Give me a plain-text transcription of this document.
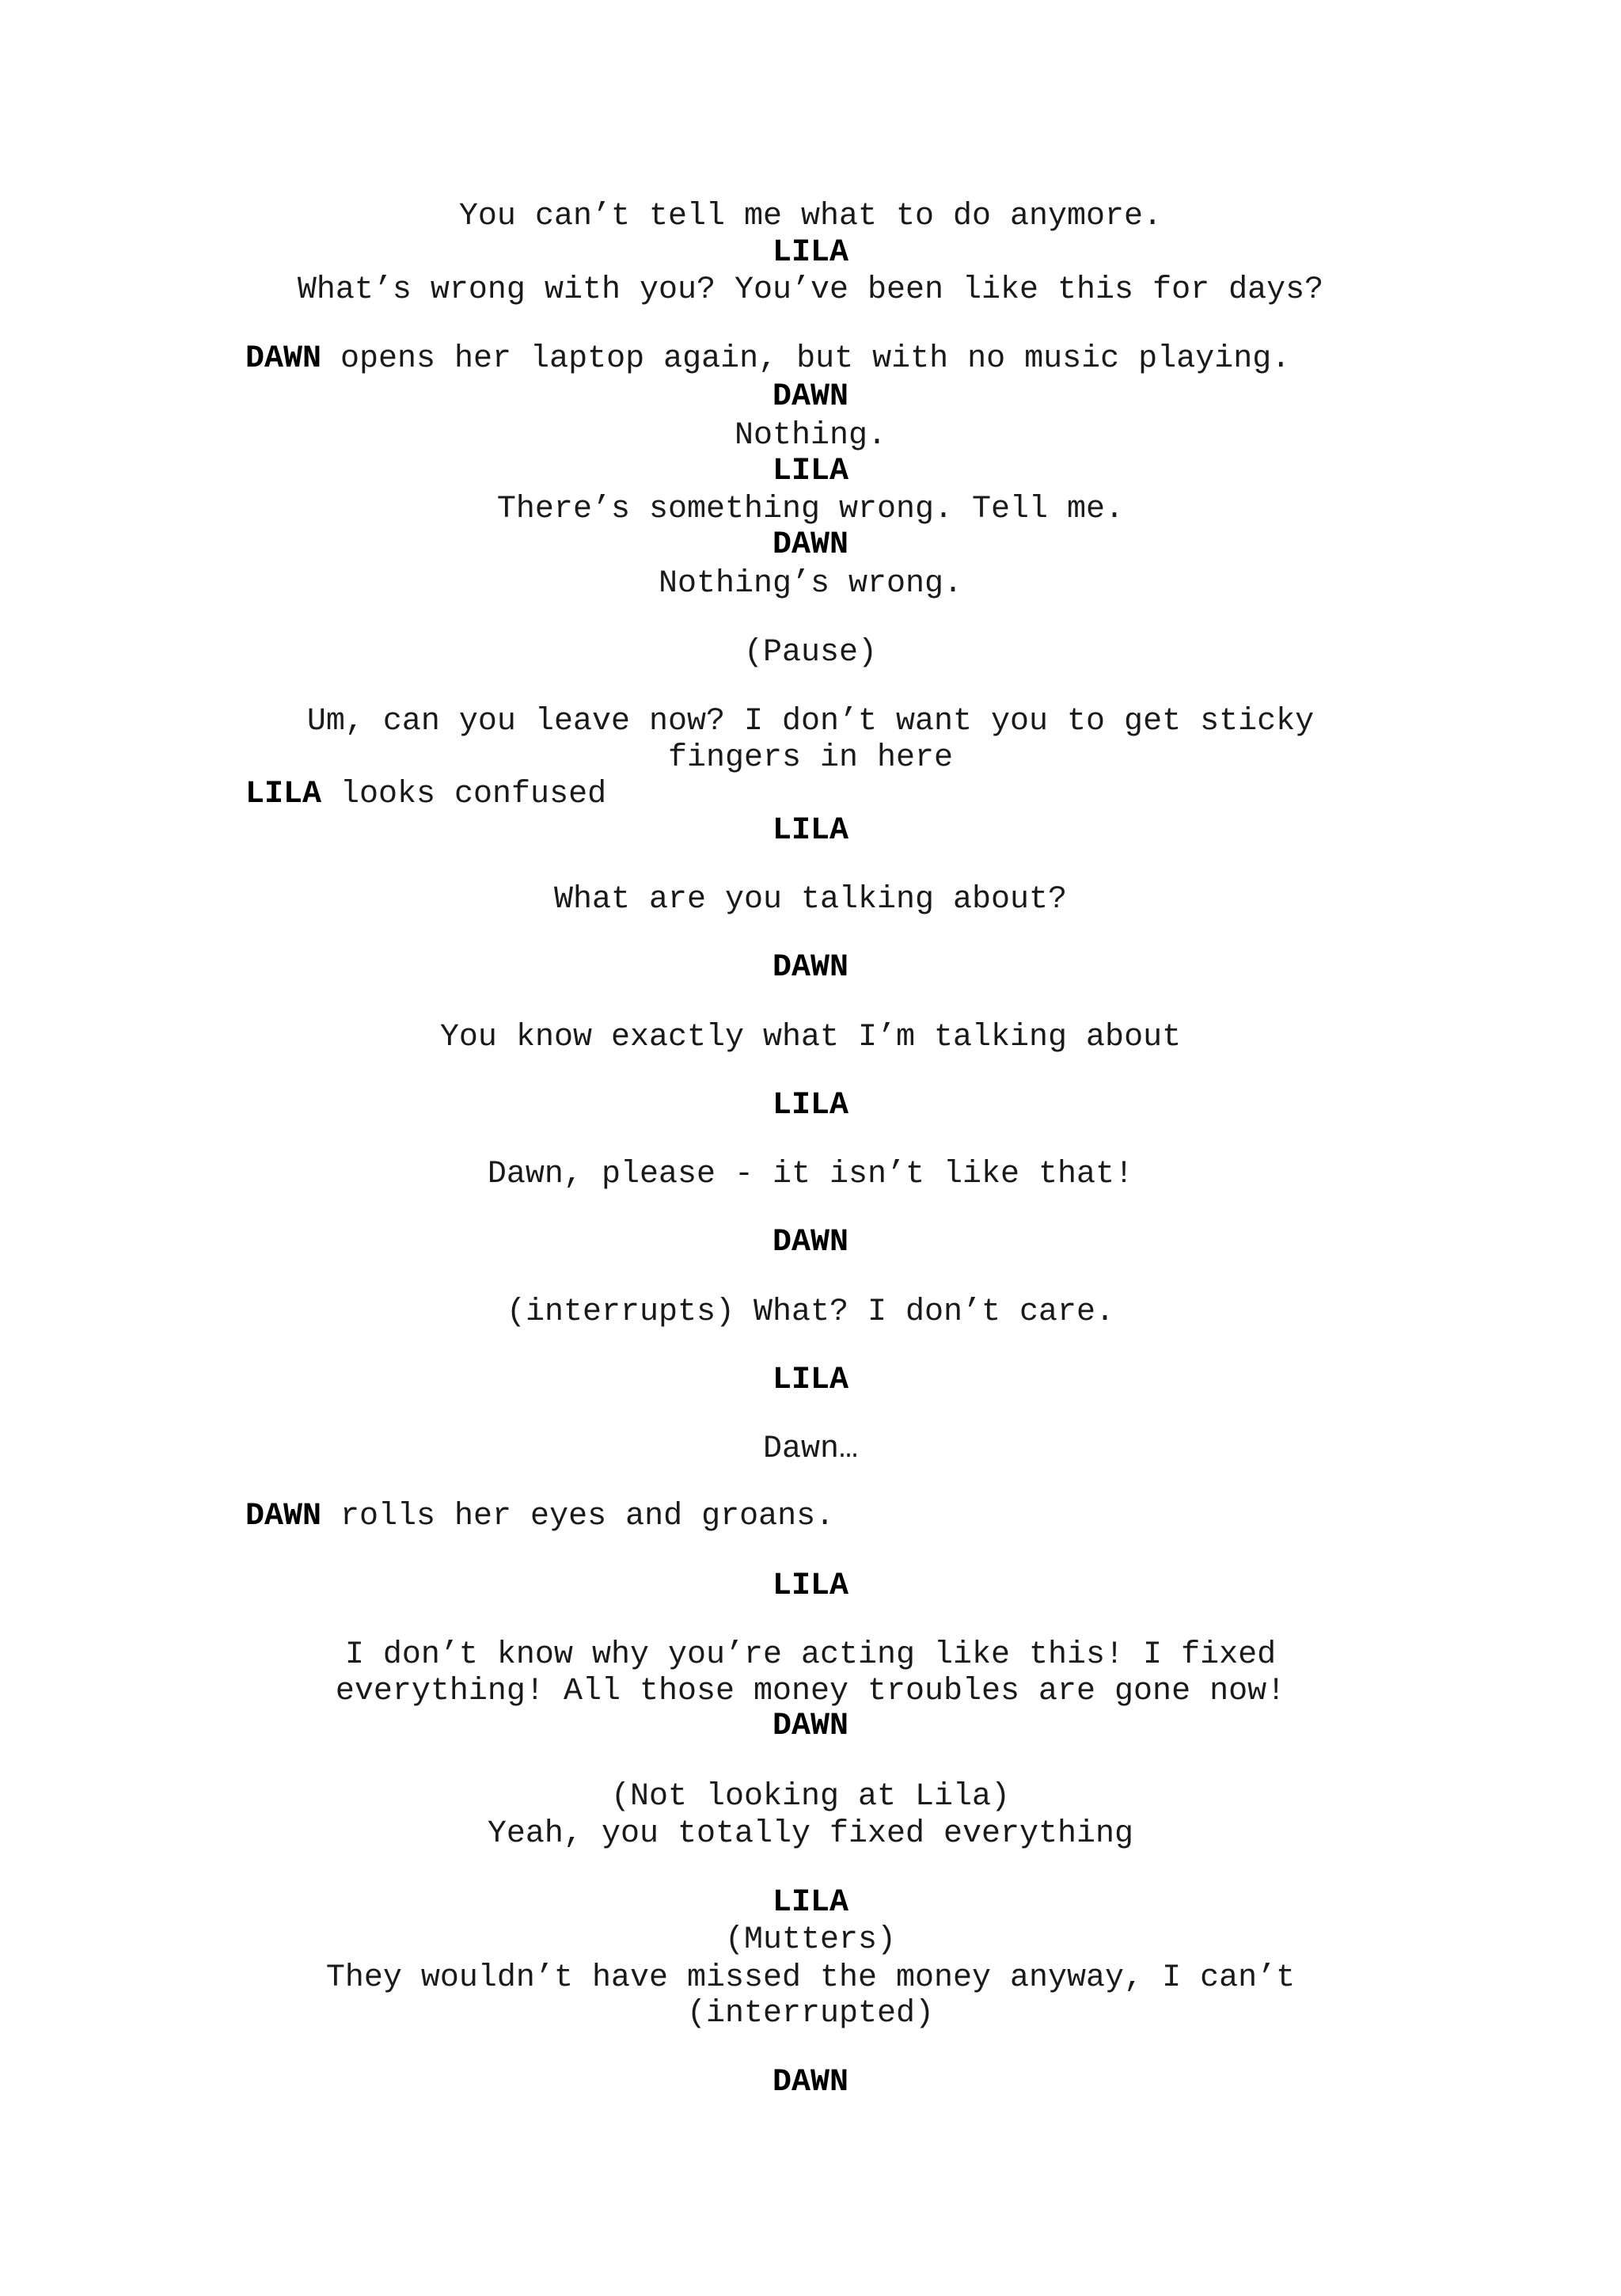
You can’t tell me what to do anymore.

LILA

What’s wrong with you? You’ve been like this for days?

DAWN opens her laptop again, but with no music playing.

DAWN

Nothing.

LILA

There’s something wrong. Tell me.

DAWN

Nothing’s wrong.

(Pause)

Um, can you leave now? I don’t want you to get sticky

fingers in here

LILA looks confused

LILA

What are you talking about?

DAWN

You know exactly what I’m talking about

LILA

Dawn, please - it isn’t like that!

DAWN

(interrupts) What? I don’t care.

LILA

Dawn…

DAWN rolls her eyes and groans.

LILA

I don’t know why you’re acting like this! I fixed

everything! All those money troubles are gone now!

DAWN

(Not looking at Lila)

Yeah, you totally fixed everything

LILA

(Mutters)

They wouldn’t have missed the money anyway, I can’t

(interrupted)

DAWN
